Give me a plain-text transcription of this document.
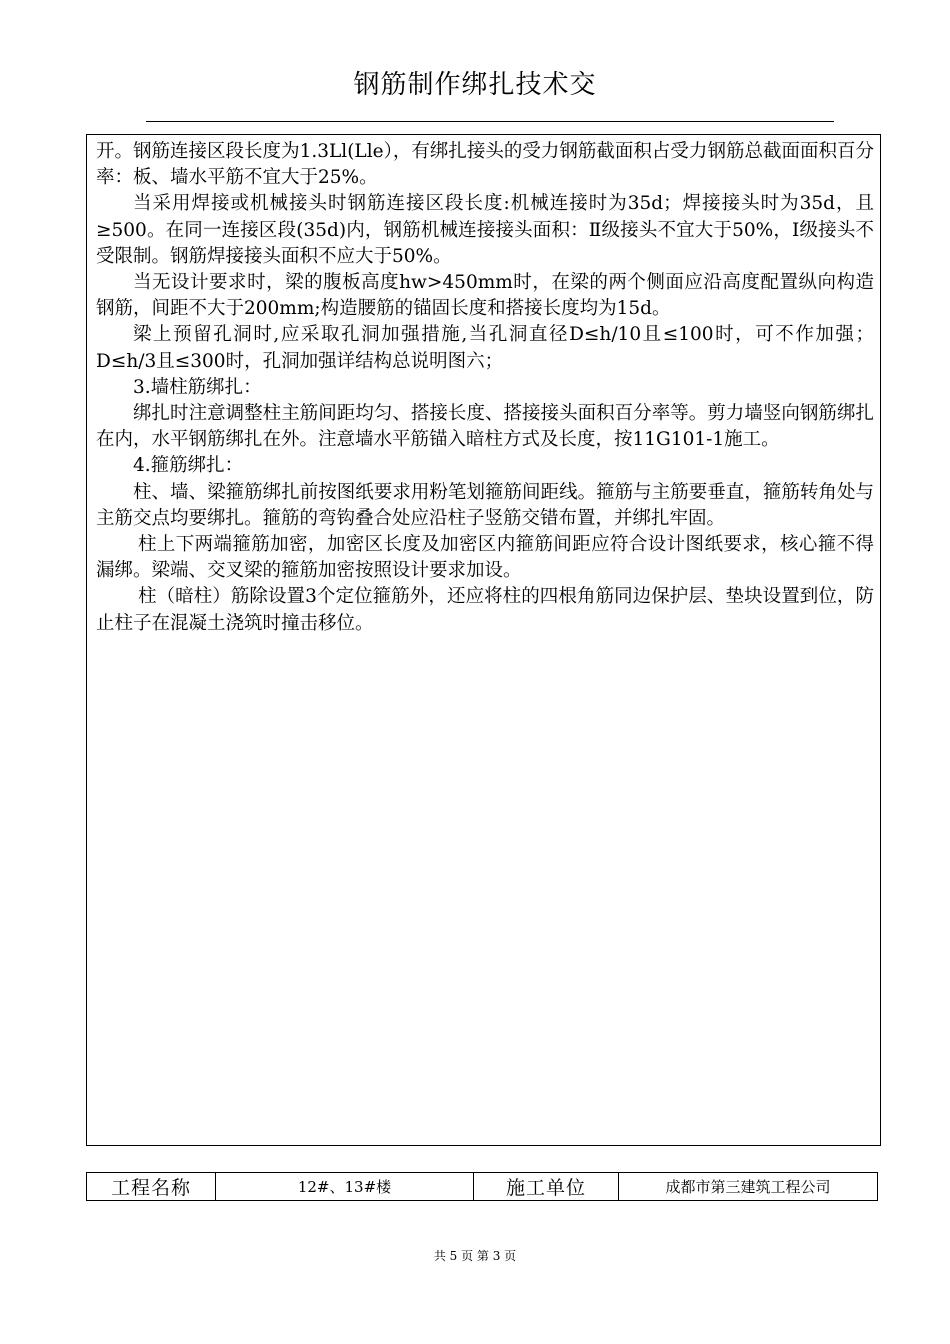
钢筋制作绑扎技术交

开。钢筋连接区段长度为1.3Ll(Lle），有绑扎接头的受力钢筋截面积占受力钢筋总截面面积百分率：板、墙水平筋不宜大于25%。

当采用焊接或机械接头时钢筋连接区段长度:机械连接时为35d；焊接接头时为35d，且≥500。在同一连接区段(35d)内，钢筋机械连接接头面积：Ⅱ级接头不宜大于50%，Ⅰ级接头不受限制。钢筋焊接接头面积不应大于50%。

当无设计要求时，梁的腹板高度hw>450mm时，在梁的两个侧面应沿高度配置纵向构造钢筋，间距不大于200mm;构造腰筋的锚固长度和搭接长度均为15d。

梁上预留孔洞时,应采取孔洞加强措施,当孔洞直径D≤h/10且≤100时，可不作加强；D≤h/3且≤300时，孔洞加强详结构总说明图六；

3.墙柱筋绑扎：

绑扎时注意调整柱主筋间距均匀、搭接长度、搭接接头面积百分率等。剪力墙竖向钢筋绑扎在内，水平钢筋绑扎在外。注意墙水平筋锚入暗柱方式及长度，按11G101-1施工。

4.箍筋绑扎：

柱、墙、梁箍筋绑扎前按图纸要求用粉笔划箍筋间距线。箍筋与主筋要垂直，箍筋转角处与主筋交点均要绑扎。箍筋的弯钩叠合处应沿柱子竖筋交错布置，并绑扎牢固。

柱上下两端箍筋加密，加密区长度及加密区内箍筋间距应符合设计图纸要求，核心箍不得漏绑。梁端、交叉梁的箍筋加密按照设计要求加设。

柱（暗柱）筋除设置3个定位箍筋外，还应将柱的四根角筋同边保护层、垫块设置到位，防止柱子在混凝土浇筑时撞击移位。

工程名称	12#、13#楼	施工单位	成都市第三建筑工程公司
共 5 页 第 3 页
